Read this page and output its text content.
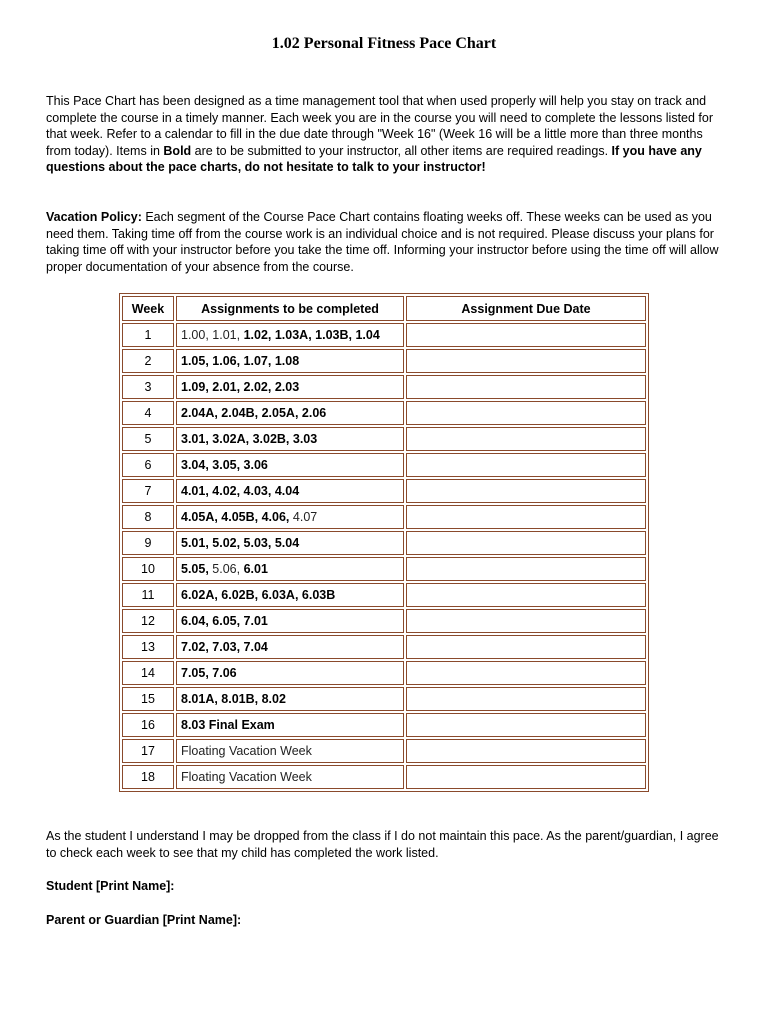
1.02 Personal Fitness Pace Chart
This Pace Chart has been designed as a time management tool that when used properly will help you stay on track and complete the course in a timely manner. Each week you are in the course you will need to complete the lessons listed for that week. Refer to a calendar to fill in the due date through "Week 16" (Week 16 will be a little more than three months from today). Items in Bold are to be submitted to your instructor, all other items are required readings. If you have any questions about the pace charts, do not hesitate to talk to your instructor!
Vacation Policy: Each segment of the Course Pace Chart contains floating weeks off. These weeks can be used as you need them. Taking time off from the course work is an individual choice and is not required. Please discuss your plans for taking time off with your instructor before you take the time off. Informing your instructor before using the time off will allow proper documentation of your absence from the course.
Week	Assignments to be completed	Assignment Due Date
1	1.00, 1.01, 1.02, 1.03A, 1.03B, 1.04	
2	1.05, 1.06, 1.07, 1.08	
3	1.09, 2.01, 2.02, 2.03	
4	2.04A, 2.04B, 2.05A, 2.06	
5	3.01, 3.02A, 3.02B, 3.03	
6	3.04, 3.05, 3.06	
7	4.01, 4.02, 4.03, 4.04	
8	4.05A, 4.05B, 4.06, 4.07	
9	5.01, 5.02, 5.03, 5.04	
10	5.05, 5.06, 6.01	
11	6.02A, 6.02B, 6.03A, 6.03B	
12	6.04, 6.05, 7.01	
13	7.02, 7.03, 7.04	
14	7.05, 7.06	
15	8.01A, 8.01B, 8.02	
16	8.03 Final Exam	
17	Floating Vacation Week	
18	Floating Vacation Week	
As the student I understand I may be dropped from the class if I do not maintain this pace. As the parent/guardian, I agree to check each week to see that my child has completed the work listed.
Student [Print Name]:
Parent or Guardian [Print Name]:
